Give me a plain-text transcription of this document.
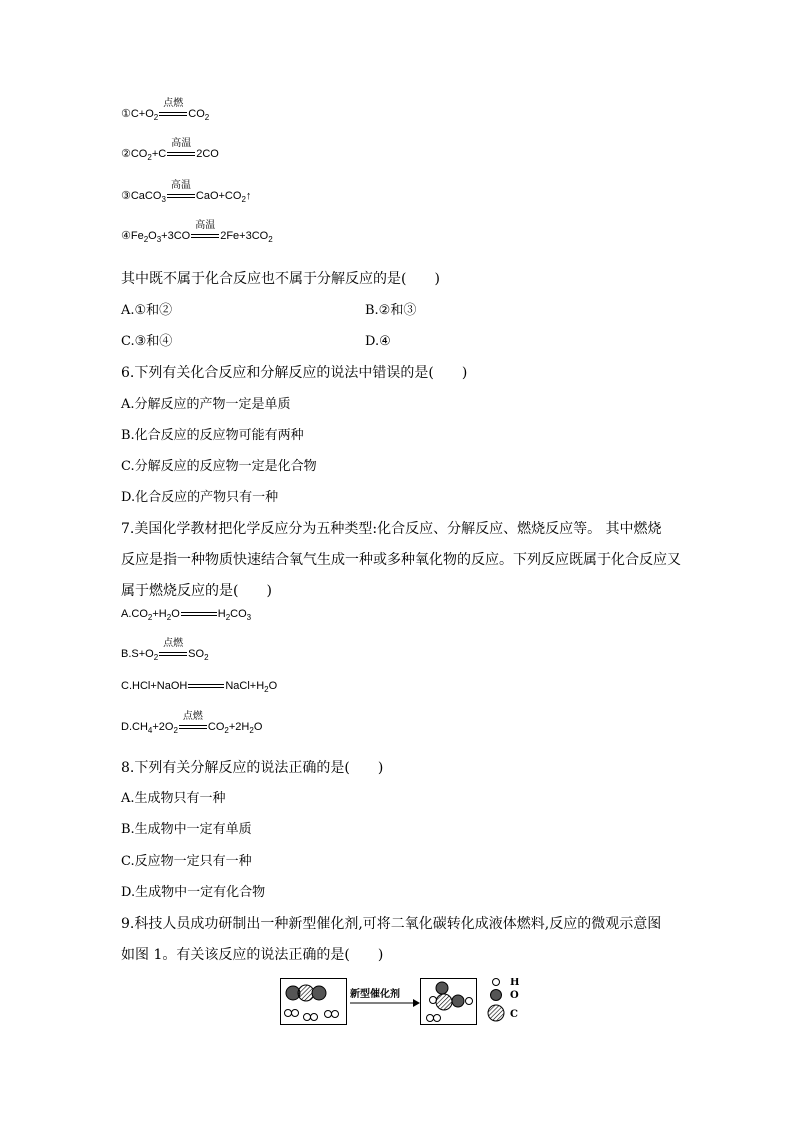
$①C+O_2$
点燃
$CO_2$
$②CO_2+C$
高温
2CO
③CaCO$_3$
高温
$CaO+CO_2↑$
$④Fe_2O_3+3CO$
高温
$2Fe+3CO_2$
其中既不属于化合反应也不属于分解反应的是(　　)
A.①和②	B.②和③
C.③和④	D.④
6.下列有关化合反应和分解反应的说法中错误的是(　　)
A.分解反应的产物一定是单质
B.化合反应的反应物可能有两种
C.分解反应的反应物一定是化合物
D.化合反应的产物只有一种
7.美国化学教材把化学反应分为五种类型:化合反应、分解反应、燃烧反应等。 其中燃烧
反应是指一种物质快速结合氧气生成一种或多种氧化物的反应。下列反应既属于化合反应又
属于燃烧反应的是(　　)
$A.CO_2+H_2O$	$H_2CO_3$
$B.S+O_2$
点燃
$SO_2$
C.HCl+NaOH	$NaCl+H_2O$
$D.CH_4+2O_2$
点燃
$CO_2+2H_2O$
8.下列有关分解反应的说法正确的是(　　)
A.生成物只有一种
B.生成物中一定有单质
C.反应物一定只有一种
D.生成物中一定有化合物
9.科技人员成功研制出一种新型催化剂,可将二氧化碳转化成液体燃料,反应的微观示意图
如图 1。有关该反应的说法正确的是(　　)
新型催化剂
H
O
C
